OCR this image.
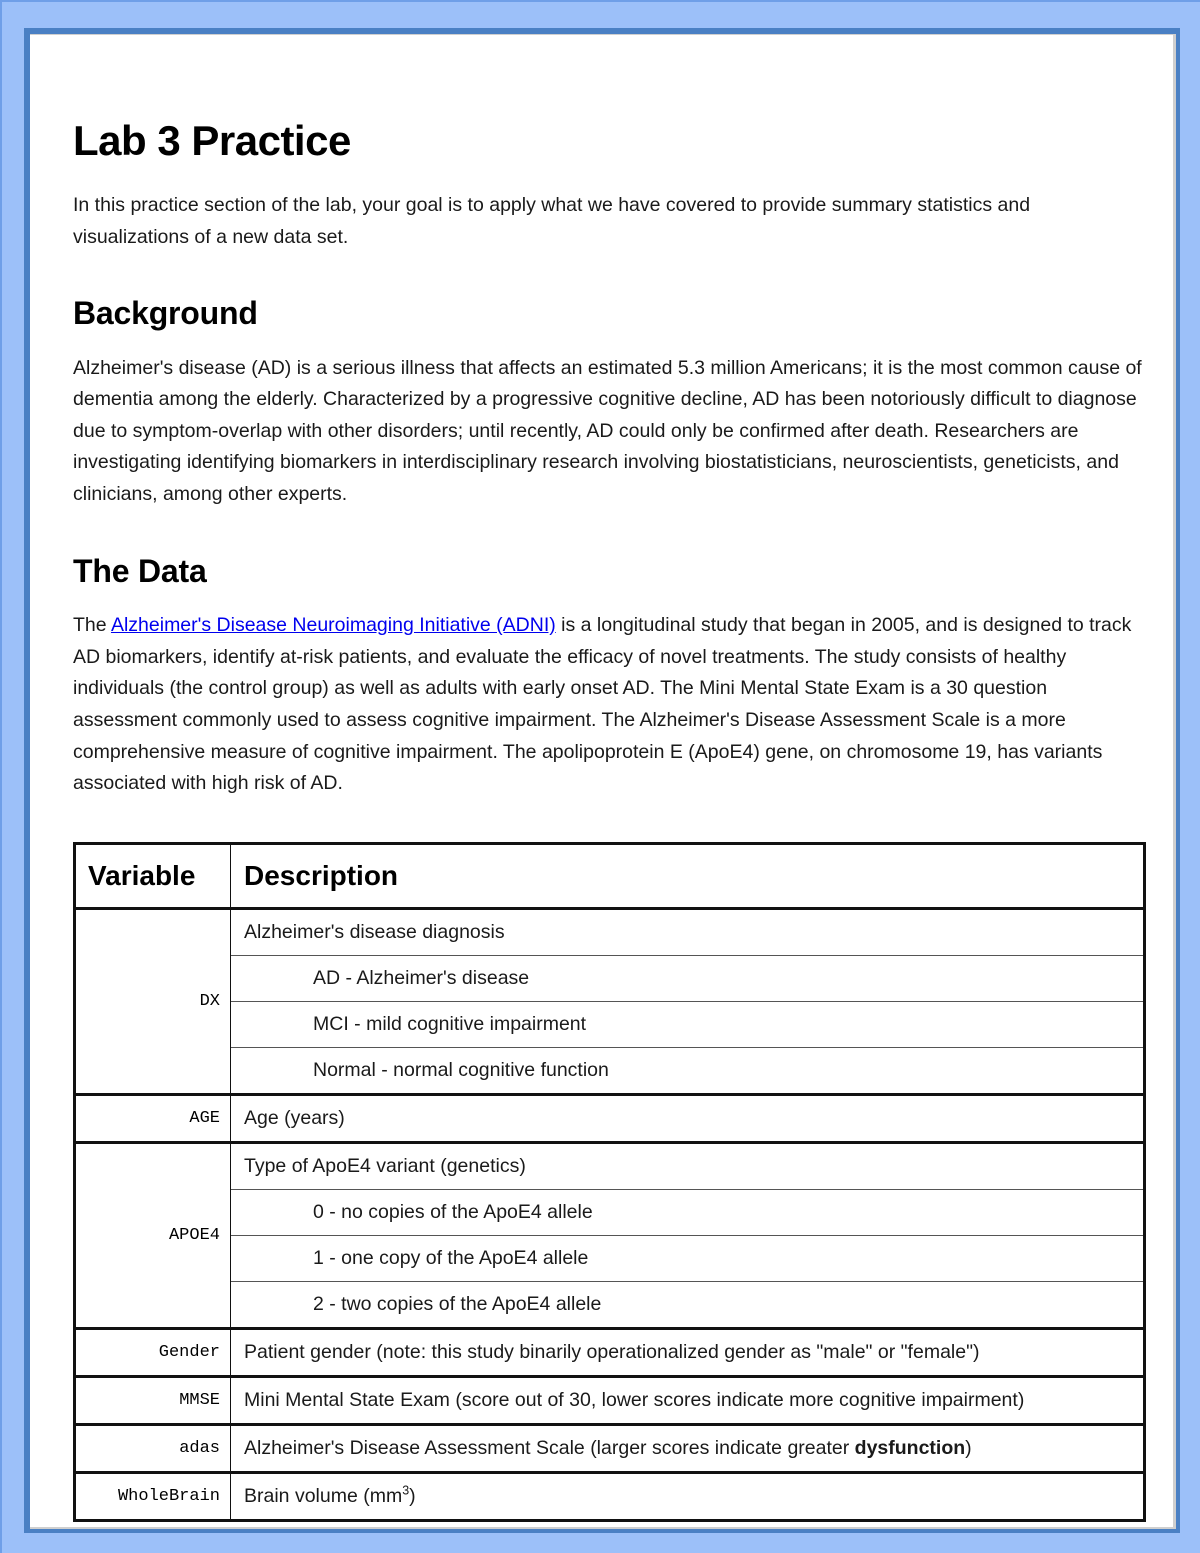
Lab 3 Practice

In this practice section of the lab, your goal is to apply what we have covered to provide summary statistics and visualizations of a new data set.

Background

Alzheimer's disease (AD) is a serious illness that affects an estimated 5.3 million Americans; it is the most common cause of dementia among the elderly. Characterized by a progressive cognitive decline, AD has been notoriously difficult to diagnose due to symptom-overlap with other disorders; until recently, AD could only be confirmed after death. Researchers are investigating identifying biomarkers in interdisciplinary research involving biostatisticians, neuroscientists, geneticists, and clinicians, among other experts.

The Data

The Alzheimer's Disease Neuroimaging Initiative (ADNI) is a longitudinal study that began in 2005, and is designed to track AD biomarkers, identify at-risk patients, and evaluate the efficacy of novel treatments. The study consists of healthy individuals (the control group) as well as adults with early onset AD. The Mini Mental State Exam is a 30 question assessment commonly used to assess cognitive impairment. The Alzheimer's Disease Assessment Scale is a more comprehensive measure of cognitive impairment. The apolipoprotein E (ApoE4) gene, on chromosome 19, has variants associated with high risk of AD.

Variable	Description
DX	Alzheimer's disease diagnosis
	AD - Alzheimer's disease
	MCI - mild cognitive impairment
	Normal - normal cognitive function
AGE	Age (years)
APOE4	Type of ApoE4 variant (genetics)
	0 - no copies of the ApoE4 allele
	1 - one copy of the ApoE4 allele
	2 - two copies of the ApoE4 allele
Gender	Patient gender (note: this study binarily operationalized gender as "male" or "female")
MMSE	Mini Mental State Exam (score out of 30, lower scores indicate more cognitive impairment)
adas	Alzheimer's Disease Assessment Scale (larger scores indicate greater dysfunction)
WholeBrain	Brain volume $(mm^3)$
